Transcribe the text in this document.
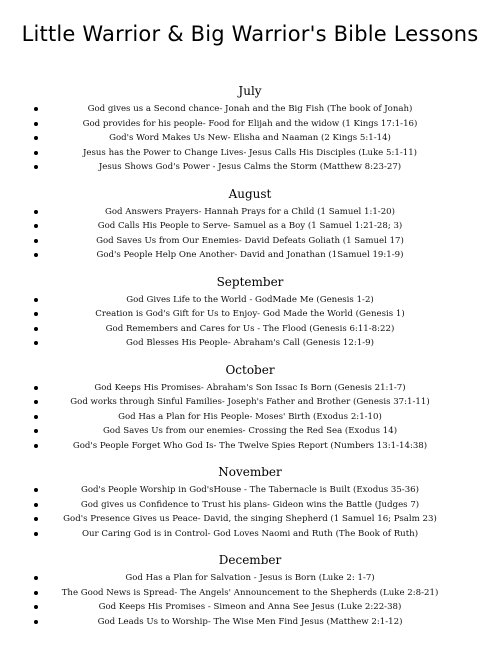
Little Warrior & Big Warrior's Bible Lessons
July
God gives us a Second chance- Jonah and the Big Fish (The book of Jonah)
God provides for his people- Food for Elijah and the widow (1 Kings 17:1-16)
God's Word Makes Us New- Elisha and Naaman (2 Kings 5:1-14)
Jesus has the Power to Change Lives- Jesus Calls His Disciples (Luke 5:1-11)
Jesus Shows God's Power - Jesus Calms the Storm (Matthew 8:23-27)
August
God Answers Prayers- Hannah Prays for a Child (1 Samuel 1:1-20)
God Calls His People to Serve- Samuel as a Boy (1 Samuel 1:21-28; 3)
God Saves Us from Our Enemies- David Defeats Goliath (1 Samuel 17)
God's People Help One Another- David and Jonathan (1Samuel 19:1-9)
September
God Gives Life to the World - GodMade Me (Genesis 1-2)
Creation is God's Gift for Us to Enjoy- God Made the World (Genesis 1)
God Remembers and Cares for Us - The Flood (Genesis 6:11-8:22)
God Blesses His People- Abraham's Call (Genesis 12:1-9)
October
God Keeps His Promises- Abraham's Son Issac Is Born (Genesis 21:1-7)
God works through Sinful Families- Joseph's Father and Brother (Genesis 37:1-11)
God Has a Plan for His People- Moses' Birth (Exodus 2:1-10)
God Saves Us from our enemies- Crossing the Red Sea (Exodus 14)
God's People Forget Who God Is- The Twelve Spies Report (Numbers 13:1-14:38)
November
God's People Worship in God'sHouse - The Tabernacle is Built (Exodus 35-36)
God gives us Confidence to Trust his plans- Gideon wins the Battle (Judges 7)
God's Presence Gives us Peace- David, the singing Shepherd (1 Samuel 16; Psalm 23)
Our Caring God is in Control- God Loves Naomi and Ruth (The Book of Ruth)
December
God Has a Plan for Salvation - Jesus is Born (Luke 2: 1-7)
The Good News is Spread- The Angels' Announcement to the Shepherds (Luke 2:8-21)
God Keeps His Promises - Simeon and Anna See Jesus (Luke 2:22-38)
God Leads Us to Worship- The Wise Men Find Jesus (Matthew 2:1-12)
